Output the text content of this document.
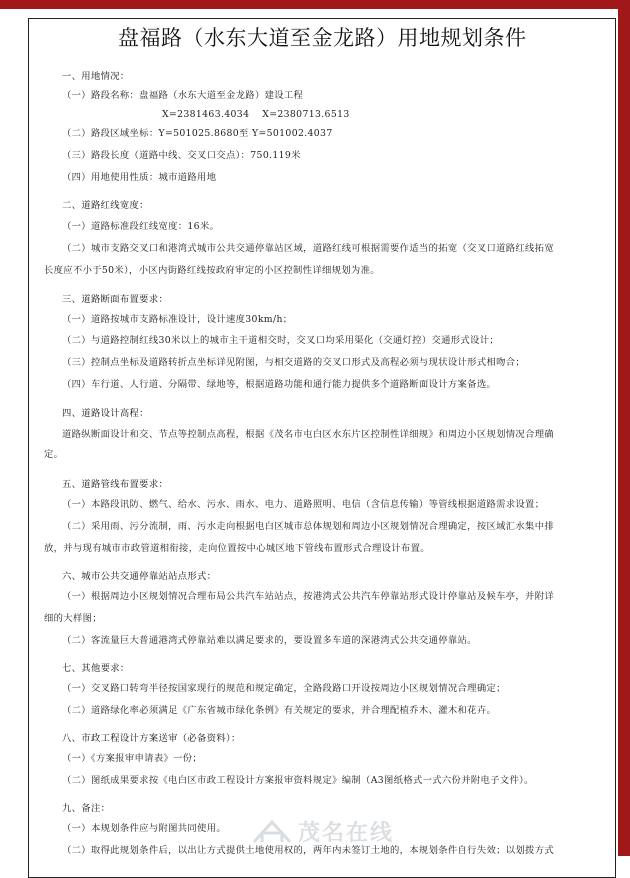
盘福路（水东大道至金龙路）用地规划条件
一、用地情况：
（一）路段名称：盘福路（水东大道至金龙路）建设工程
X=2381463.4034　 X=2380713.6513
（二）路段区域坐标：Y=501025.8680至 Y=501002.4037
（三）路段长度（道路中线、交叉口交点）：750.119米
（四）用地使用性质：城市道路用地
二、道路红线宽度：
（一）道路标准段红线宽度：16米。
（二）城市支路交叉口和港湾式城市公共交通停靠站区域，道路红线可根据需要作适当的拓宽（交叉口道路红线拓宽
长度应不小于50米），小区内街路红线按政府审定的小区控制性详细规划为准。
三、道路断面布置要求：
（一）道路按城市支路标准设计，设计速度30km/h；
（二）与道路控制红线30米以上的城市主干道相交时，交叉口均采用渠化（交通灯控）交通形式设计；
（三）控制点坐标及道路转折点坐标详见附图，与相交道路的交叉口形式及高程必须与现状设计形式相吻合；
（四）车行道、人行道、分隔带、绿地等，根据道路功能和通行能力提供多个道路断面设计方案备选。
四、道路设计高程：
道路纵断面设计和交、节点等控制点高程，根据《茂名市屯白区水东片区控制性详细规》和周边小区规划情况合理确
定。
五、道路管线布置要求：
（一）本路段讯防、燃气、给水、污水、雨水、电力、道路照明、电信（含信息传输）等管线根据道路需求设置；
（二）采用雨、污分流制，雨、污水走向根据电白区城市总体规划和周边小区规划情况合理确定，按区域汇水集中排
放，并与现有城市市政管道相衔接，走向位置按中心城区地下管线布置形式合理设计布置。
六、城市公共交通停靠站站点形式：
（一）根据周边小区规划情况合理布局公共汽车站站点，按港湾式公共汽车停靠站形式设计停靠站及候车亭，并附详
细的大样图；
（二）客流量巨大普通港湾式停靠站难以满足要求的，要设置多车道的深港湾式公共交通停靠站。
七、其他要求：
（一）交叉路口转弯半径按国家现行的规范和规定确定，全路段路口开设按周边小区规划情况合理确定；
（二）道路绿化率必须满足《广东省城市绿化条例》有关规定的要求，并合理配植乔木、灌木和花卉。
八、市政工程设计方案送审（必备资料）：
（一）《方案报审申请表》一份；
（二）图纸成果要求按《电白区市政工程设计方案报审资料规定》编制（A3图纸格式一式六份并附电子文件）。
九、备注：
（一）本规划条件应与附图共同使用。
（二）取得此规划条件后，以出让方式提供土地使用权的，两年内未签订土地的，本规划条件自行失效；以划拨方式
茂名在线
